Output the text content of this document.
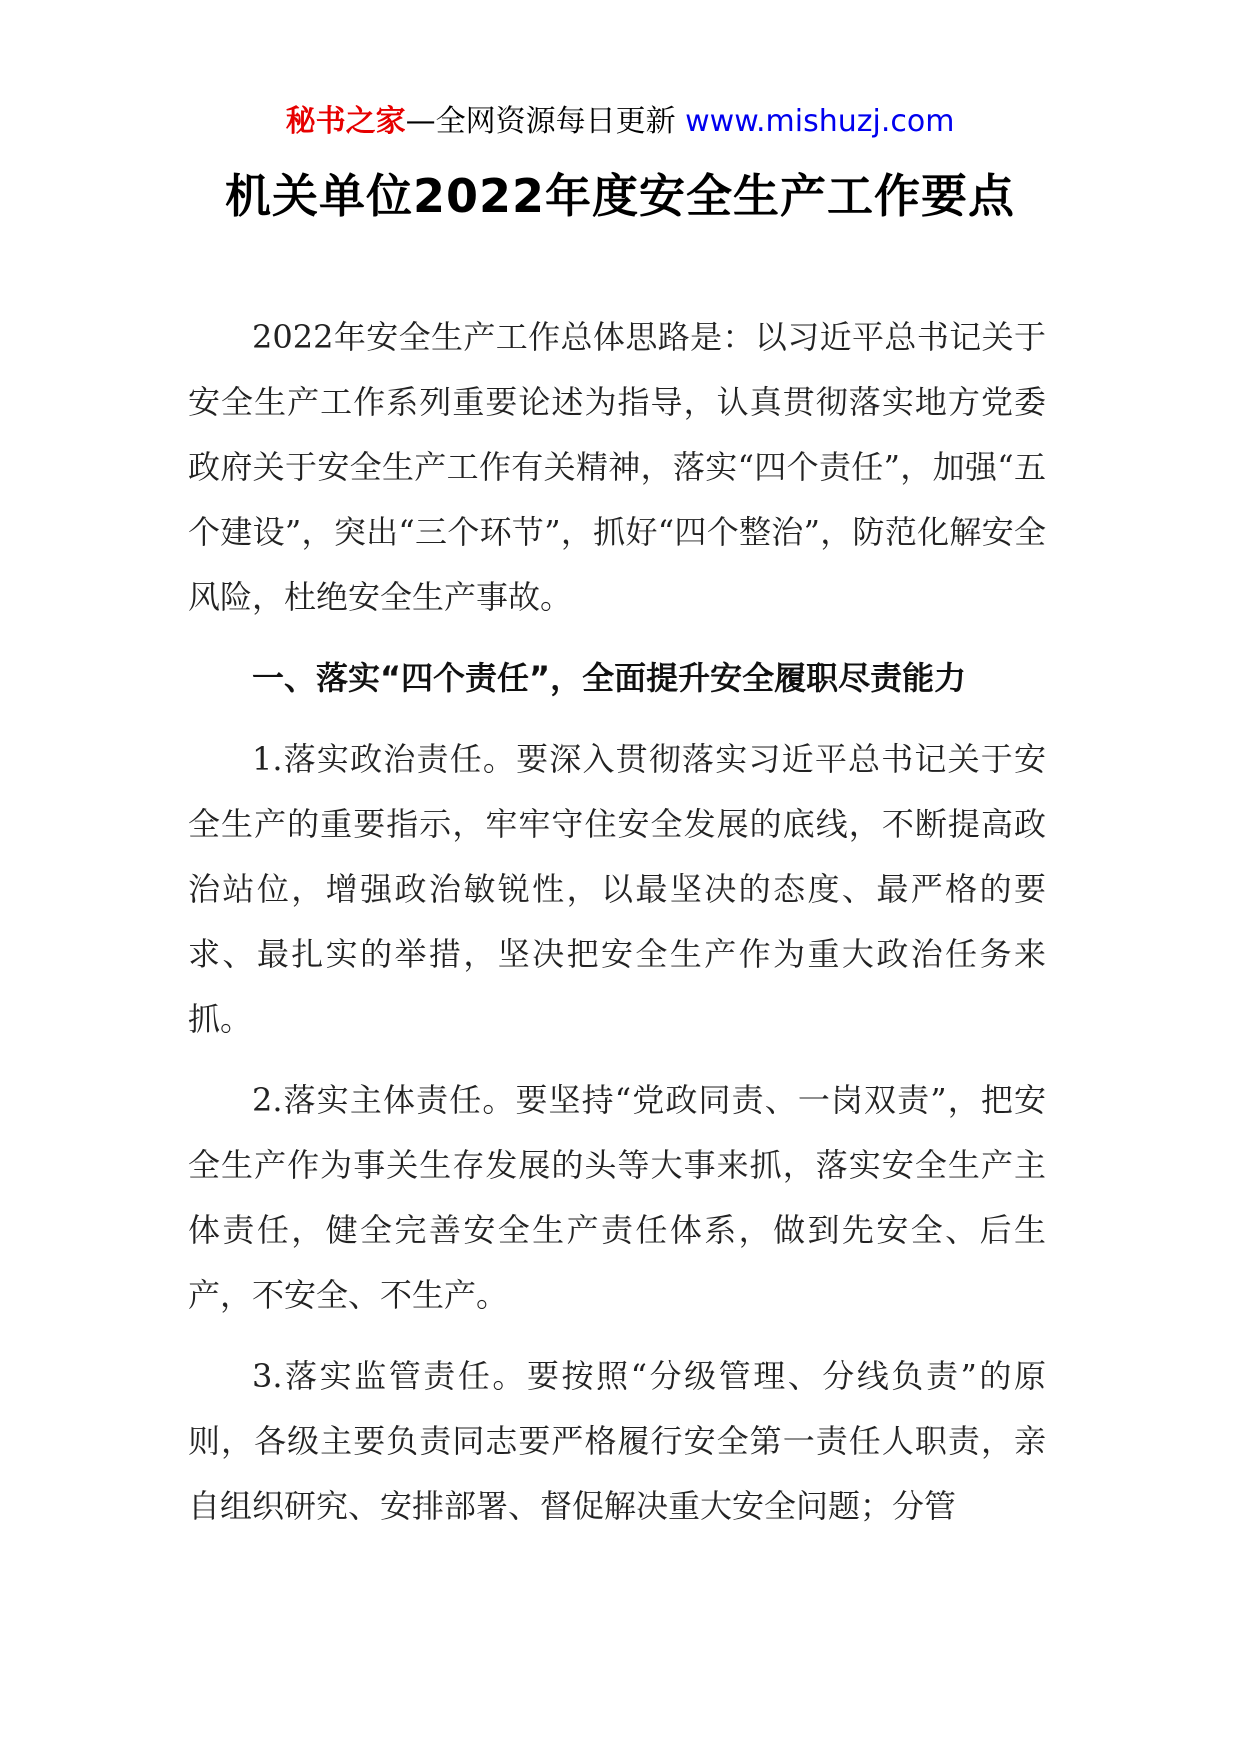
秘书之家—全网资源每日更新 www.mishuzj.com
机关单位2022年度安全生产工作要点

2022年安全生产工作总体思路是：以习近平总书记关于安全生产工作系列重要论述为指导，认真贯彻落实地方党委政府关于安全生产工作有关精神，落实“四个责任”，加强“五个建设”，突出“三个环节”，抓好“四个整治”，防范化解安全风险，杜绝安全生产事故。

一、落实“四个责任”，全面提升安全履职尽责能力

1.落实政治责任。要深入贯彻落实习近平总书记关于安全生产的重要指示，牢牢守住安全发展的底线，不断提高政治站位，增强政治敏锐性，以最坚决的态度、最严格的要求、最扎实的举措，坚决把安全生产作为重大政治任务来抓。

2.落实主体责任。要坚持“党政同责、一岗双责”，把安全生产作为事关生存发展的头等大事来抓，落实安全生产主体责任，健全完善安全生产责任体系，做到先安全、后生产，不安全、不生产。

3.落实监管责任。要按照“分级管理、分线负责”的原则，各级主要负责同志要严格履行安全第一责任人职责，亲自组织研究、安排部署、督促解决重大安全问题；分管
